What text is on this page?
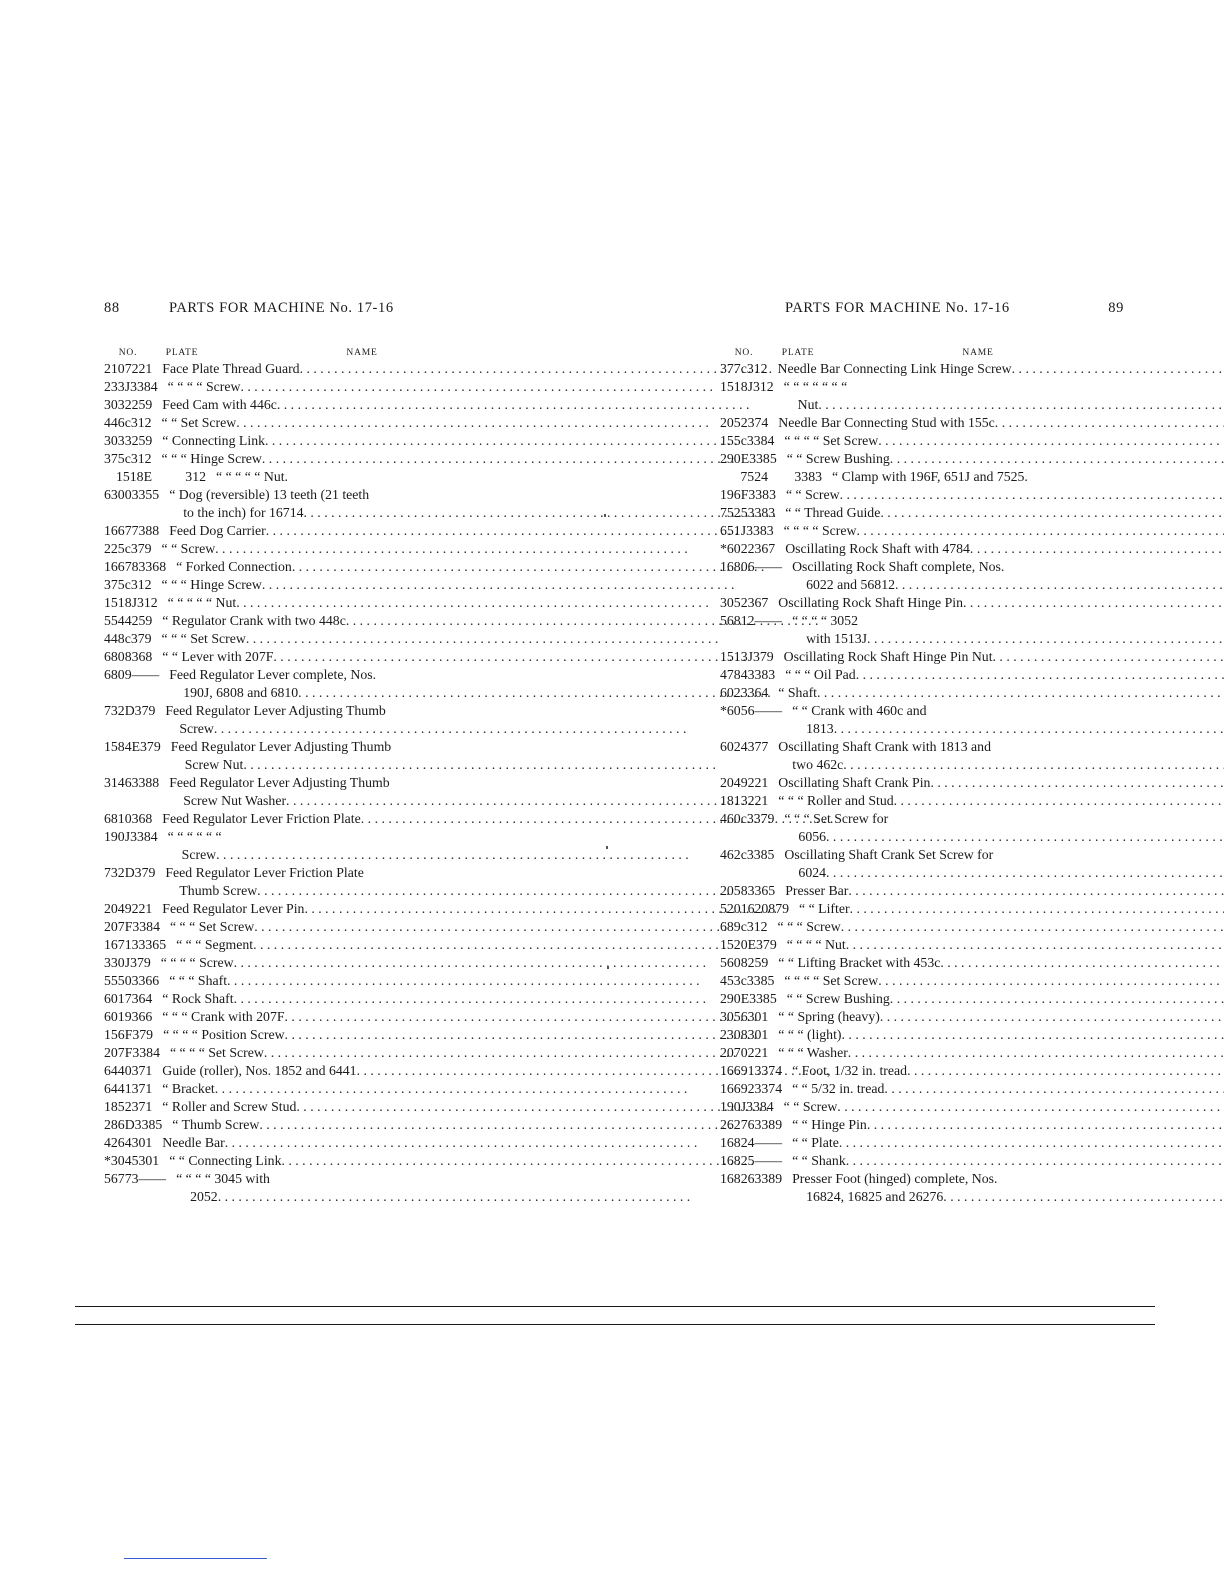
88	PARTS FOR MACHINE No. 17-16
NO.	PLATE	NAME
2107 221 Face Plate Thread Guard
. . .
233J 3384 “ “ “ “ Screw
. . .
3032 259 Feed Cam with 446c
. . .
446c 312 “ “ Set Screw
. . .
3033 259 “ Connecting Link
. . .
375c 312 “ “ “ Hinge Screw
. . .
1518E	312 “ “ “ “ “ Nut.
6300 3355 “ Dog (reversible) 13 teeth (21 teeth
to the inch) for 16714
. . .
16677 388 Feed Dog Carrier
. . .
225c 379 “ “ Screw
. . .
16678 3368 “ Forked Connection
. . .
375c 312 “ “ “ Hinge Screw
. . .
1518J 312 “ “ “ “ “ Nut
. . .
5544 259 “ Regulator Crank with two 448c
. . .
448c 379 “ “ “ Set Screw
. . .
6808 368 “ “ Lever with 207F
. . .
6809 —— Feed Regulator Lever complete, Nos.
190J, 6808 and 6810
. . .
732D 379 Feed Regulator Lever Adjusting Thumb
Screw
. . .
1584E 379 Feed Regulator Lever Adjusting Thumb
Screw Nut
. . .
3146 3388 Feed Regulator Lever Adjusting Thumb
Screw Nut Washer
. . .
6810 368 Feed Regulator Lever Friction Plate
. . .
190J 3384 “ “ “ “ “ “
Screw
. . .
732D 379 Feed Regulator Lever Friction Plate
Thumb Screw
. . .
2049 221 Feed Regulator Lever Pin
. . .
207F 3384 “ “ “ Set Screw
. . .
16713 3365 “ “ “ Segment
. . .
330J 379 “ “ “ “ Screw
. . .
5550 3366 “ “ “ Shaft
. . .
6017 364 “ Rock Shaft
. . .
6019 366 “ “ “ Crank with 207F
. . .
156F 379 “ “ “ “ Position Screw
. . .
207F 3384 “ “ “ “ Set Screw
. . .
6440 371 Guide (roller), Nos. 1852 and 6441
. . .
6441 371 “ Bracket
. . .
1852 371 “ Roller and Screw Stud
. . .
286D 3385 “ Thumb Screw
. . .
4264 301 Needle Bar
. . .
*3045 301 “ “ Connecting Link
. . .
56773 —— “ “ “ “ 3045 with
2052
. . .
PARTS FOR MACHINE No. 17-16	89
NO.	PLATE	NAME
377c 312 Needle Bar Connecting Link Hinge Screw
. . .
1518J 312 “ “ “ “ “ “ “
Nut
. . .
2052 374 Needle Bar Connecting Stud with 155c
. . .
155c 3384 “ “ “ “ Set Screw
. . .
290E 3385 “ “ Screw Bushing
. . .
7524	3383 “ Clamp with 196F, 651J and 7525.
196F 3383 “ “ Screw
. . .
7525 3383 “ “ Thread Guide
. . .
651J 3383 “ “ “ “ Screw
. . .
*6022 367 Oscillating Rock Shaft with 4784
. . .
16806 —— Oscillating Rock Shaft complete, Nos.
6022 and 56812
. . .
3052 367 Oscillating Rock Shaft Hinge Pin
. . .
56812 —— “ “ “ “ 3052
with 1513J
. . .
1513J 379 Oscillating Rock Shaft Hinge Pin Nut
. . .
4784 3383 “ “ “ Oil Pad
. . .
6023 364 “ Shaft
. . .
*6056 —— “ “ Crank with 460c and
1813
. . .
6024 377 Oscillating Shaft Crank with 1813 and
two 462c
. . .
2049 221 Oscillating Shaft Crank Pin
. . .
1813 221 “ “ “ Roller and Stud
. . .
460c 3379 “ “ “ Set Screw for
6056
. . .
462c 3385 Oscillating Shaft Crank Set Screw for
6024
. . .
2058 3365 Presser Bar
. . .
52016 20879 “ “ Lifter
. . .
689c 312 “ “ “ Screw
. . .
1520E 379 “ “ “ “ Nut
. . .
5608 259 “ “ Lifting Bracket with 453c
. . .
453c 3385 “ “ “ “ Set Screw
. . .
290E 3385 “ “ Screw Bushing
. . .
3056 301 “ “ Spring (heavy)
. . .
2308 301 “ “ “ (light)
. . .
2070 221 “ “ “ Washer
. . .
16691 3374 “ Foot, 1/32 in. tread
. . .
16692 3374 “ “ 5/32 in. tread
. . .
190J 3384 “ “ Screw
. . .
26276 3389 “ “ Hinge Pin
. . .
16824 —— “ “ Plate
. . .
16825 —— “ “ Shank
. . .
16826 3389 Presser Foot (hinged) complete, Nos.
16824, 16825 and 26276
. . .
